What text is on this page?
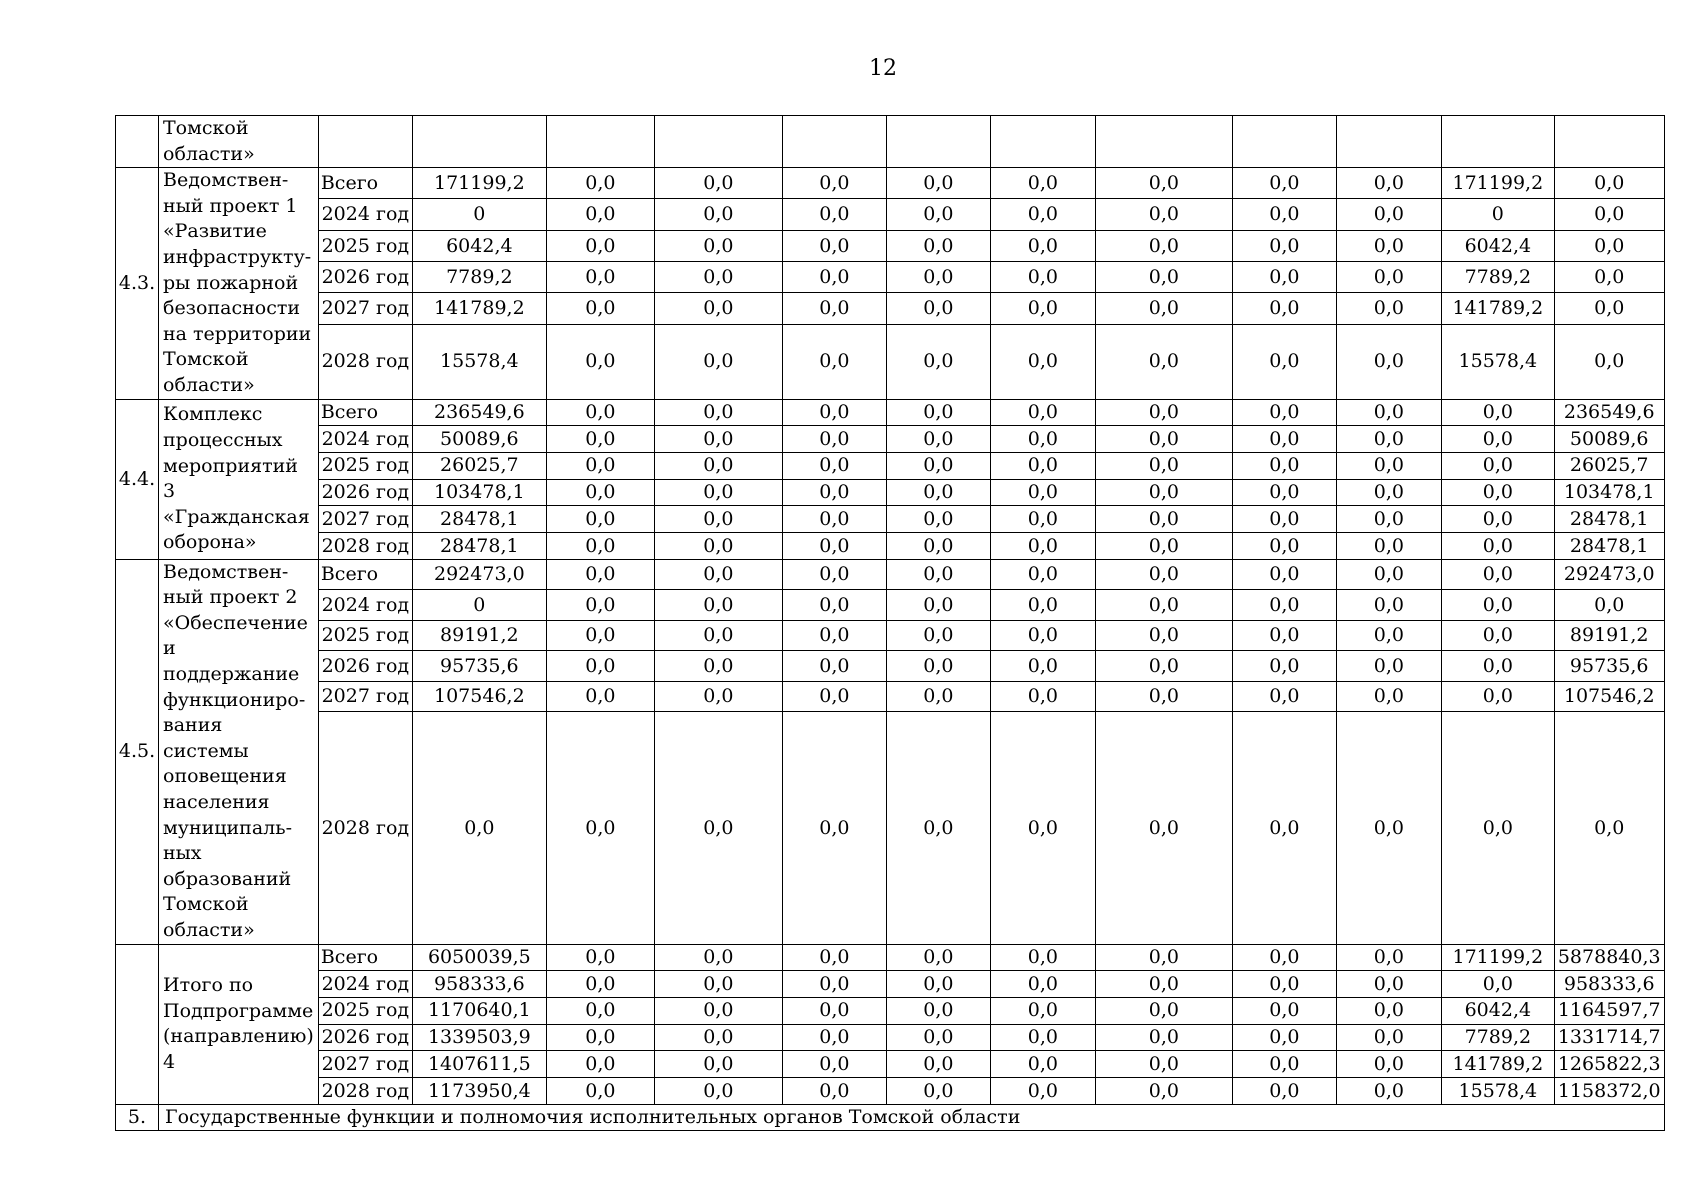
12
	Томской области»												
4.3.	Ведомствен-ный проект 1 «Развитие инфраструкту-ры пожарной безопасности на территории Томской области»	Всего	171199,2	0,0	0,0	0,0	0,0	0,0	0,0	0,0	0,0	171199,2	0,0
		2024 год	0	0,0	0,0	0,0	0,0	0,0	0,0	0,0	0,0	0	0,0
		2025 год	6042,4	0,0	0,0	0,0	0,0	0,0	0,0	0,0	0,0	6042,4	0,0
		2026 год	7789,2	0,0	0,0	0,0	0,0	0,0	0,0	0,0	0,0	7789,2	0,0
		2027 год	141789,2	0,0	0,0	0,0	0,0	0,0	0,0	0,0	0,0	141789,2	0,0
		2028 год	15578,4	0,0	0,0	0,0	0,0	0,0	0,0	0,0	0,0	15578,4	0,0
4.4.	Комплекс процессных мероприятий 3 «Гражданская оборона»	Всего	236549,6	0,0	0,0	0,0	0,0	0,0	0,0	0,0	0,0	0,0	236549,6
		2024 год	50089,6	0,0	0,0	0,0	0,0	0,0	0,0	0,0	0,0	0,0	50089,6
		2025 год	26025,7	0,0	0,0	0,0	0,0	0,0	0,0	0,0	0,0	0,0	26025,7
		2026 год	103478,1	0,0	0,0	0,0	0,0	0,0	0,0	0,0	0,0	0,0	103478,1
		2027 год	28478,1	0,0	0,0	0,0	0,0	0,0	0,0	0,0	0,0	0,0	28478,1
		2028 год	28478,1	0,0	0,0	0,0	0,0	0,0	0,0	0,0	0,0	0,0	28478,1
4.5.	Ведомствен-ный проект 2 «Обеспечение и поддержание функциониро-вания системы оповещения населения муниципаль-ных образований Томской области»	Всего	292473,0	0,0	0,0	0,0	0,0	0,0	0,0	0,0	0,0	0,0	292473,0
		2024 год	0	0,0	0,0	0,0	0,0	0,0	0,0	0,0	0,0	0,0	0,0
		2025 год	89191,2	0,0	0,0	0,0	0,0	0,0	0,0	0,0	0,0	0,0	89191,2
		2026 год	95735,6	0,0	0,0	0,0	0,0	0,0	0,0	0,0	0,0	0,0	95735,6
		2027 год	107546,2	0,0	0,0	0,0	0,0	0,0	0,0	0,0	0,0	0,0	107546,2
		2028 год	0,0	0,0	0,0	0,0	0,0	0,0	0,0	0,0	0,0	0,0	0,0
	Итого по Подпрограмме (направлению) 4	Всего	6050039,5	0,0	0,0	0,0	0,0	0,0	0,0	0,0	0,0	171199,2	5878840,3
		2024 год	958333,6	0,0	0,0	0,0	0,0	0,0	0,0	0,0	0,0	0,0	958333,6
		2025 год	1170640,1	0,0	0,0	0,0	0,0	0,0	0,0	0,0	0,0	6042,4	1164597,7
		2026 год	1339503,9	0,0	0,0	0,0	0,0	0,0	0,0	0,0	0,0	7789,2	1331714,7
		2027 год	1407611,5	0,0	0,0	0,0	0,0	0,0	0,0	0,0	0,0	141789,2	1265822,3
		2028 год	1173950,4	0,0	0,0	0,0	0,0	0,0	0,0	0,0	0,0	15578,4	1158372,0
5.	Государственные функции и полномочия исполнительных органов Томской области												
